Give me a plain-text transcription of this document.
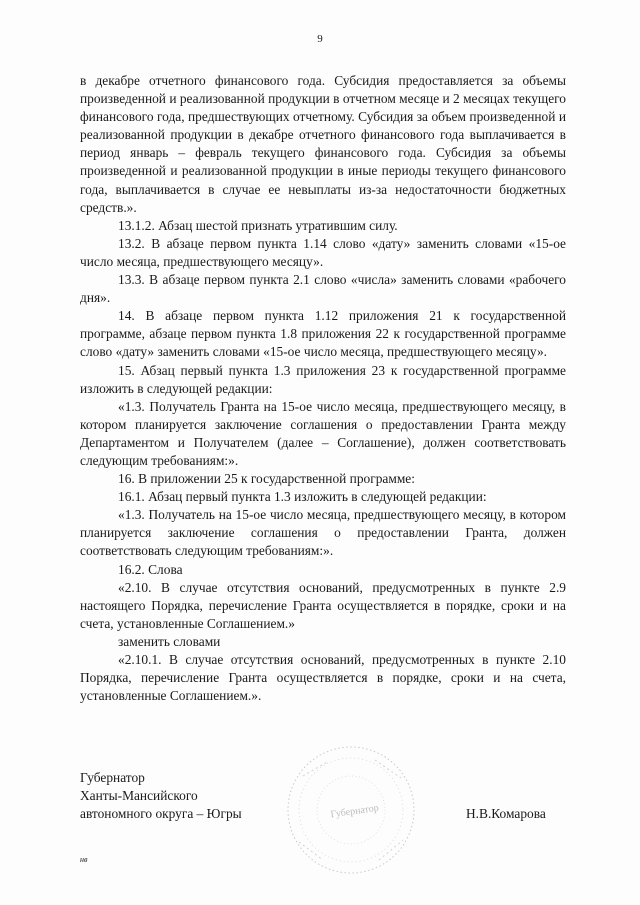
9

в декабре отчетного финансового года. Субсидия предоставляется за объемы произведенной и реализованной продукции в отчетном месяце и 2 месяцах текущего финансового года, предшествующих отчетному. Субсидия за объем произведенной и реализованной продукции в декабре отчетного финансового года выплачивается в период январь – февраль текущего финансового года. Субсидия за объемы произведенной и реализованной продукции в иные периоды текущего финансового года, выплачивается в случае ее невыплаты из-за недостаточности бюджетных средств.».

13.1.2. Абзац шестой признать утратившим силу.

13.2. В абзаце первом пункта 1.14 слово «дату» заменить словами «15-ое число месяца, предшествующего месяцу».

13.3. В абзаце первом пункта 2.1 слово «числа» заменить словами «рабочего дня».

14. В абзаце первом пункта 1.12 приложения 21 к государственной программе, абзаце первом пункта 1.8 приложения 22 к государственной программе слово «дату» заменить словами «15-ое число месяца, предшествующего месяцу».

15. Абзац первый пункта 1.3 приложения 23 к государственной программе изложить в следующей редакции:

«1.3. Получатель Гранта на 15-ое число месяца, предшествующего месяцу, в котором планируется заключение соглашения о предоставлении Гранта между Департаментом и Получателем (далее – Соглашение), должен соответствовать следующим требованиям:».

16. В приложении 25 к государственной программе:

16.1. Абзац первый пункта 1.3 изложить в следующей редакции:

«1.3. Получатель на 15-ое число месяца, предшествующего месяцу, в котором планируется заключение соглашения о предоставлении Гранта, должен соответствовать следующим требованиям:».

16.2. Слова

«2.10. В случае отсутствия оснований, предусмотренных в пункте 2.9 настоящего Порядка, перечисление Гранта осуществляется в порядке, сроки и на счета, установленные Соглашением.»

заменить словами

«2.10.1. В случае отсутствия оснований, предусмотренных в пункте 2.10 Порядка, перечисление Гранта осуществляется в порядке, сроки и на счета, установленные Соглашением.».

Губернатор

Губернатор

Ханты-Мансийского

автономного округа – Югры	Н.В.Комарова
нв
